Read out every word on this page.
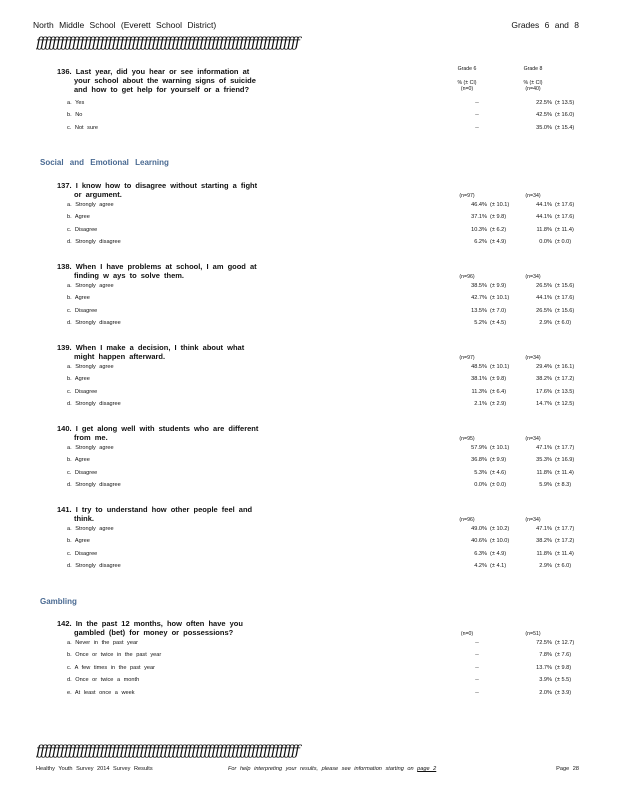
North Middle School (Everett School District)	Grades 6 and 8
ƒƒƒƒƒƒƒƒƒƒƒƒƒƒƒƒƒƒƒƒƒƒƒƒƒƒƒƒƒƒƒƒƒƒƒƒƒƒƒƒƒƒƒƒƒƒƒƒƒƒƒƒƒƒƒƒƒƒƒƒƒƒƒƒƒƒ
136. Last year, did you hear or see information at
your school about the warning signs of suicide
and how to get help for yourself or a friend?
Grade 6

% (± CI)
Grade 8

% (± CI)
(n=0)	(n=40)
a. Yes	--	22.5% (± 13.5)
b. No	--	42.5% (± 16.0)
c. Not sure	--	35.0% (± 15.4)
137. I know how to disagree without starting a fight
or argument.	(n=97)	(n=34)
a. Strongly agree	46.4% (± 10.1)	44.1% (± 17.6)
b. Agree	37.1% (± 9.8)	44.1% (± 17.6)
c. Disagree	10.3% (± 6.2)	11.8% (± 11.4)
d. Strongly disagree	6.2% (± 4.9)	0.0% (± 0.0)
138. When I have problems at school, I am good at
finding w ays to solve them.	(n=96)	(n=34)
a. Strongly agree	38.5% (± 9.9)	26.5% (± 15.6)
b. Agree	42.7% (± 10.1)	44.1% (± 17.6)
c. Disagree	13.5% (± 7.0)	26.5% (± 15.6)
d. Strongly disagree	5.2% (± 4.5)	2.9% (± 6.0)
139. When I make a decision, I think about what
might happen afterward.	(n=97)	(n=34)
a. Strongly agree	48.5% (± 10.1)	29.4% (± 16.1)
b. Agree	38.1% (± 9.8)	38.2% (± 17.2)
c. Disagree	11.3% (± 6.4)	17.6% (± 13.5)
d. Strongly disagree	2.1% (± 2.9)	14.7% (± 12.5)
140. I get along well with students who are different
from me.	(n=95)	(n=34)
a. Strongly agree	57.9% (± 10.1)	47.1% (± 17.7)
b. Agree	36.8% (± 9.9)	35.3% (± 16.9)
c. Disagree	5.3% (± 4.6)	11.8% (± 11.4)
d. Strongly disagree	0.0% (± 0.0)	5.9% (± 8.3)
141. I try to understand how other people feel and
think.	(n=96)	(n=34)
a. Strongly agree	49.0% (± 10.2)	47.1% (± 17.7)
b. Agree	40.6% (± 10.0)	38.2% (± 17.2)
c. Disagree	6.3% (± 4.9)	11.8% (± 11.4)
d. Strongly disagree	4.2% (± 4.1)	2.9% (± 6.0)
142. In the past 12 months, how often have you
gambled (bet) for money or possessions?	(n=0)	(n=51)
a. Never in the past year	--	72.5% (± 12.7)
b. Once or twice in the past year	--	7.8% (± 7.6)
c. A few times in the past year	--	13.7% (± 9.8)
d. Once or twice a month	--	3.9% (± 5.5)
e. At least once a week	--	2.0% (± 3.9)
Social and Emotional Learning
Gambling
ƒƒƒƒƒƒƒƒƒƒƒƒƒƒƒƒƒƒƒƒƒƒƒƒƒƒƒƒƒƒƒƒƒƒƒƒƒƒƒƒƒƒƒƒƒƒƒƒƒƒƒƒƒƒƒƒƒƒƒƒƒƒƒƒƒƒ
Healthy Youth Survey 2014 Survey Results	For help interpreting your results, please see information starting on page 2	Page 28
